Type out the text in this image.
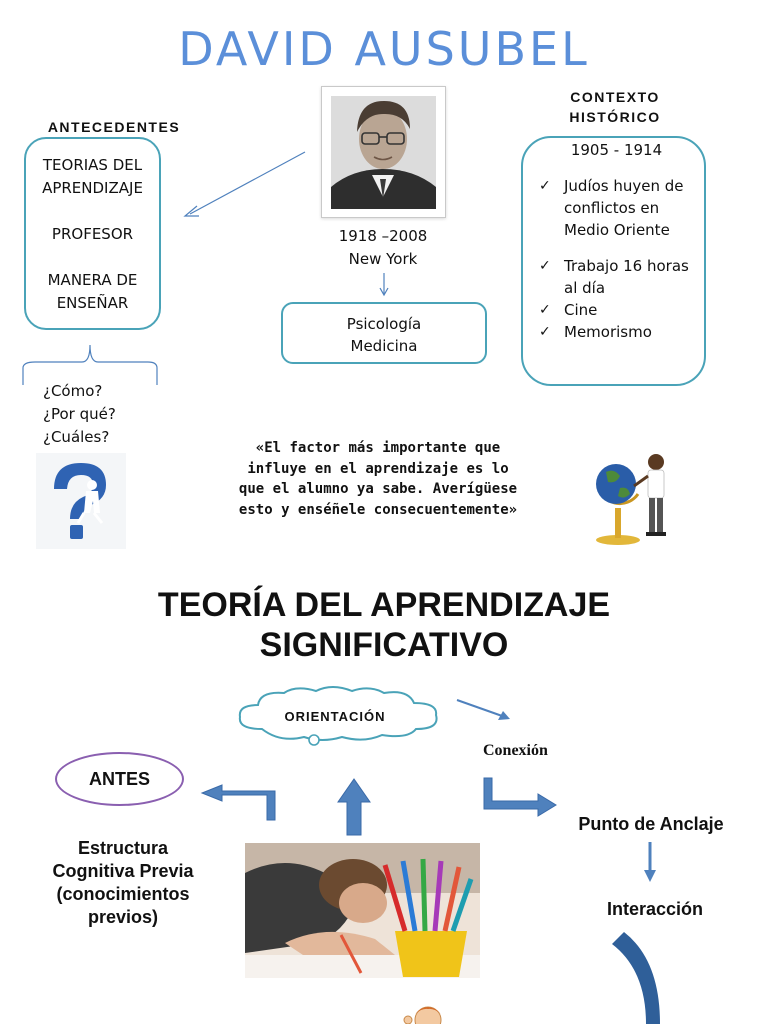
DAVID AUSUBEL
ANTECEDENTES

TEORIAS DEL APRENDIZAJE

PROFESOR

MANERA DE ENSEÑAR

1918 –2008
New York
Psicología
Medicina
CONTEXTO
HISTÓRICO
1905 - 1914
✓ Judíos huyen de conflictos en Medio Oriente
✓ Trabajo 16 horas al día
✓ Cine
✓ Memorismo
¿Cómo?
¿Por qué?
¿Cuáles?
«El factor más importante que influye en el aprendizaje es lo que el alumno ya sabe. Averígüese esto y enséñele consecuentemente»
TEORÍA DEL APRENDIZAJE
SIGNIFICATIVO
ORIENTACIÓN
Conexión
ANTES
Estructura
Cognitiva Previa
(conocimientos
previos)
Punto de Anclaje
Interacción
